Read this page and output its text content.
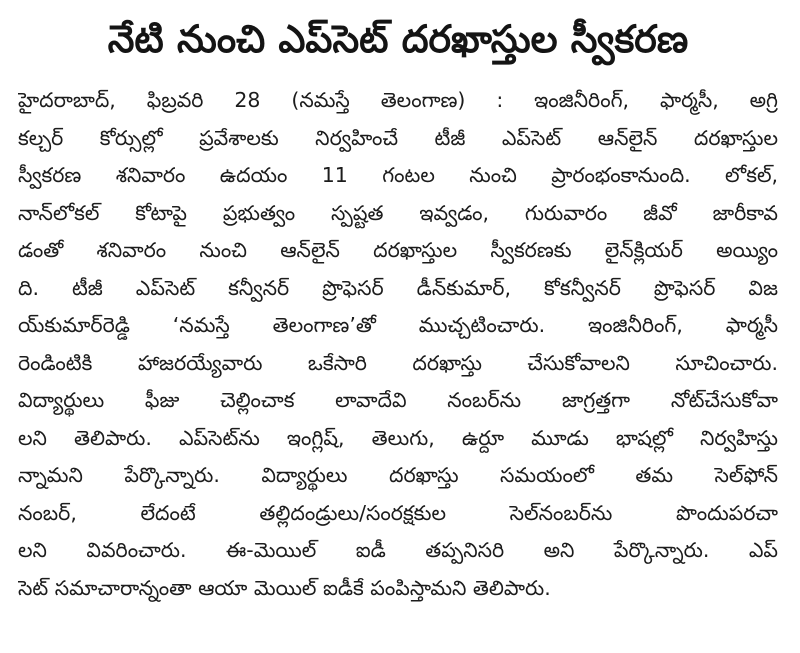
నేటి నుంచి ఎప్‌సెట్‌ దరఖాస్తుల స్వీకరణ
హైదరాబాద్‌, ఫిబ్రవరి 28 (నమస్తే తెలంగాణ) : ఇంజినీరింగ్‌, ఫార్మసీ, అగ్రి
కల్చర్‌ కోర్సుల్లో ప్రవేశాలకు నిర్వహించే టీజీ ఎప్‌సెట్‌ ఆన్‌లైన్‌ దరఖాస్తుల
స్వీకరణ శనివారం ఉదయం 11 గంటల నుంచి ప్రారంభంకానుంది. లోకల్‌,
నాన్‌లోకల్‌ కోటాపై ప్రభుత్వం స్పష్టత ఇవ్వడం, గురువారం జీవో జారీకావ
డంతో శనివారం నుంచి ఆన్‌లైన్‌ దరఖాస్తుల స్వీకరణకు లైన్‌క్లియర్‌ అయ్యిం
ది. టీజీ ఎప్‌సెట్‌ కన్వీనర్‌ ప్రొఫెసర్‌ డీన్‌కుమార్‌, కోకన్వీనర్‌ ప్రొఫెసర్‌ విజ
య్‌కుమార్‌రెడ్డి ‘నమస్తే తెలంగాణ’తో ముచ్చటించారు. ఇంజినీరింగ్‌, ఫార్మసీ
రెండింటికి హాజరయ్యేవారు ఒకేసారి దరఖాస్తు చేసుకోవాలని సూచించారు.
విద్యార్థులు ఫీజు చెల్లించాక లావాదేవి నంబర్‌ను జాగ్రత్తగా నోట్‌చేసుకోవా
లని తెలిపారు. ఎప్‌సెట్‌ను ఇంగ్లిష్‌, తెలుగు, ఉర్దూ మూడు భాషల్లో నిర్వహిస్తు
న్నామని పేర్కొన్నారు. విద్యార్థులు దరఖాస్తు సమయంలో తమ సెల్‌ఫోన్‌
నంబర్‌, లేదంటే తల్లిదండ్రులు/సంరక్షకుల సెల్‌నంబర్‌ను పొందుపరచా
లని వివరించారు. ఈ-మెయిల్‌ ఐడీ తప్పనిసరి అని పేర్కొన్నారు. ఎప్‌
సెట్‌ సమాచారాన్నంతా ఆయా మెయిల్‌ ఐడీకే పంపిస్తామని తెలిపారు.
